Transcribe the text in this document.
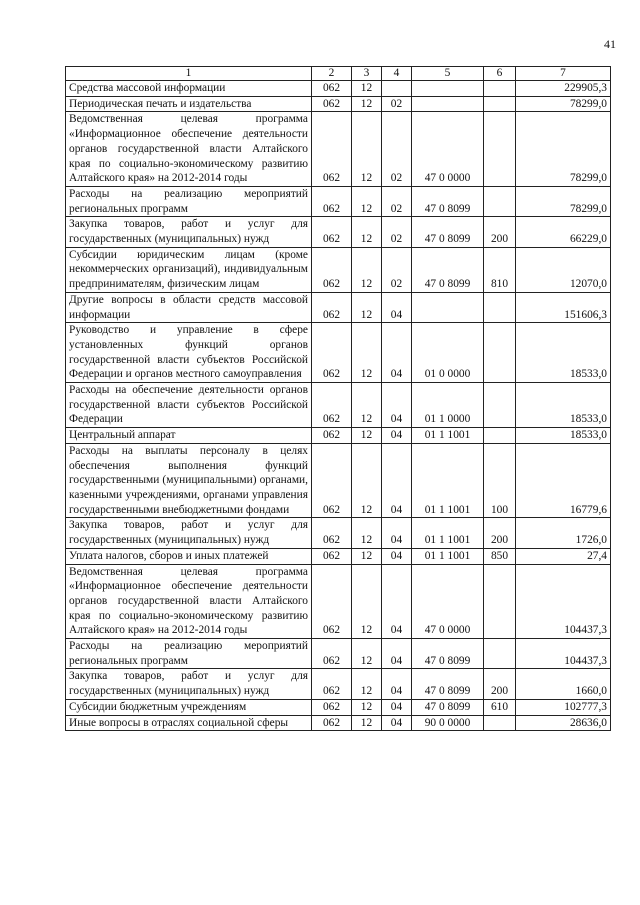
41
1	2	3	4	5	6	7
Средства массовой информации	062	12				229905,3
Периодическая печать и издательства	062	12	02			78299,0
Ведомственная целевая программа «Информационное обеспечение деятельности органов государственной власти Алтайского края по социально-экономическому развитию Алтайского края» на 2012-2014 годы	062	12	02	47 0 0000		78299,0
Расходы на реализацию мероприятий региональных программ	062	12	02	47 0 8099		78299,0
Закупка товаров, работ и услуг для государственных (муниципальных) нужд	062	12	02	47 0 8099	200	66229,0
Субсидии юридическим лицам (кроме некоммерческих организаций), индивидуальным предпринимателям, физическим лицам	062	12	02	47 0 8099	810	12070,0
Другие вопросы в области средств массовой информации	062	12	04			151606,3
Руководство и управление в сфере установленных функций органов государственной власти субъектов Российской Федерации и органов местного самоуправления	062	12	04	01 0 0000		18533,0
Расходы на обеспечение деятельности органов государственной власти субъектов Российской Федерации	062	12	04	01 1 0000		18533,0
Центральный аппарат	062	12	04	01 1 1001		18533,0
Расходы на выплаты персоналу в целях обеспечения выполнения функций государственными (муниципальными) органами, казенными учреждениями, органами управления государственными внебюджетными фондами	062	12	04	01 1 1001	100	16779,6
Закупка товаров, работ и услуг для государственных (муниципальных) нужд	062	12	04	01 1 1001	200	1726,0
Уплата налогов, сборов и иных платежей	062	12	04	01 1 1001	850	27,4
Ведомственная целевая программа «Информационное обеспечение деятельности органов государственной власти Алтайского края по социально-экономическому развитию Алтайского края» на 2012-2014 годы	062	12	04	47 0 0000		104437,3
Расходы на реализацию мероприятий региональных программ	062	12	04	47 0 8099		104437,3
Закупка товаров, работ и услуг для государственных (муниципальных) нужд	062	12	04	47 0 8099	200	1660,0
Субсидии бюджетным учреждениям	062	12	04	47 0 8099	610	102777,3
Иные вопросы в отраслях социальной сферы	062	12	04	90 0 0000		28636,0
